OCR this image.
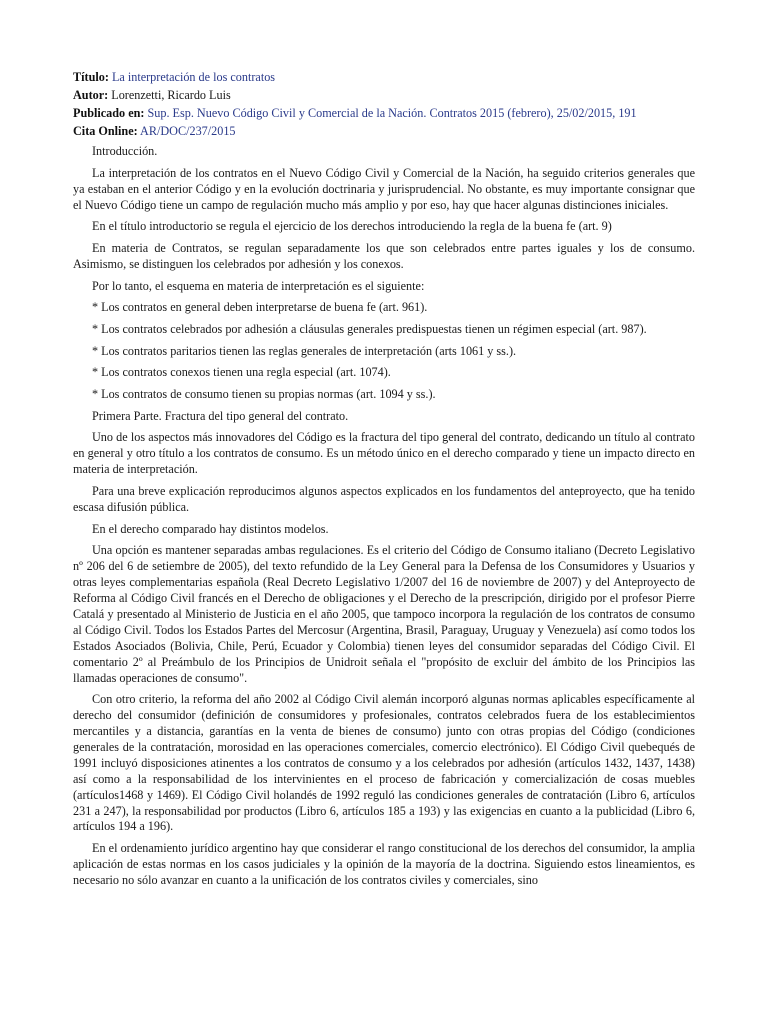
Título: La interpretación de los contratos

Autor: Lorenzetti, Ricardo Luis

Publicado en: Sup. Esp. Nuevo Código Civil y Comercial de la Nación. Contratos 2015 (febrero), 25/02/2015, 191

Cita Online: AR/DOC/237/2015

Introducción.

La interpretación de los contratos en el Nuevo Código Civil y Comercial de la Nación, ha seguido criterios generales que ya estaban en el anterior Código y en la evolución doctrinaria y jurisprudencial. No obstante, es muy importante consignar que el Nuevo Código tiene un campo de regulación mucho más amplio y por eso, hay que hacer algunas distinciones iniciales.

En el título introductorio se regula el ejercicio de los derechos introduciendo la regla de la buena fe (art. 9)

En materia de Contratos, se regulan separadamente los que son celebrados entre partes iguales y los de consumo. Asimismo, se distinguen los celebrados por adhesión y los conexos.

Por lo tanto, el esquema en materia de interpretación es el siguiente:

* Los contratos en general deben interpretarse de buena fe (art. 961).

* Los contratos celebrados por adhesión a cláusulas generales predispuestas tienen un régimen especial (art. 987).

* Los contratos paritarios tienen las reglas generales de interpretación (arts 1061 y ss.).

* Los contratos conexos tienen una regla especial (art. 1074).

* Los contratos de consumo tienen su propias normas (art. 1094 y ss.).

Primera Parte. Fractura del tipo general del contrato.

Uno de los aspectos más innovadores del Código es la fractura del tipo general del contrato, dedicando un título al contrato en general y otro título a los contratos de consumo. Es un método único en el derecho comparado y tiene un impacto directo en materia de interpretación.

Para una breve explicación reproducimos algunos aspectos explicados en los fundamentos del anteproyecto, que ha tenido escasa difusión pública.

En el derecho comparado hay distintos modelos.

Una opción es mantener separadas ambas regulaciones. Es el criterio del Código de Consumo italiano (Decreto Legislativo nº 206 del 6 de setiembre de 2005), del texto refundido de la Ley General para la Defensa de los Consumidores y Usuarios y otras leyes complementarias española (Real Decreto Legislativo 1/2007 del 16 de noviembre de 2007) y del Anteproyecto de Reforma al Código Civil francés en el Derecho de obligaciones y el Derecho de la prescripción, dirigido por el profesor Pierre Catalá y presentado al Ministerio de Justicia en el año 2005, que tampoco incorpora la regulación de los contratos de consumo al Código Civil. Todos los Estados Partes del Mercosur (Argentina, Brasil, Paraguay, Uruguay y Venezuela) así como todos los Estados Asociados (Bolivia, Chile, Perú, Ecuador y Colombia) tienen leyes del consumidor separadas del Código Civil. El comentario 2º al Preámbulo de los Principios de Unidroit señala el "propósito de excluir del ámbito de los Principios las llamadas operaciones de consumo".

Con otro criterio, la reforma del año 2002 al Código Civil alemán incorporó algunas normas aplicables específicamente al derecho del consumidor (definición de consumidores y profesionales, contratos celebrados fuera de los establecimientos mercantiles y a distancia, garantías en la venta de bienes de consumo) junto con otras propias del Código (condiciones generales de la contratación, morosidad en las operaciones comerciales, comercio electrónico). El Código Civil quebequés de 1991 incluyó disposiciones atinentes a los contratos de consumo y a los celebrados por adhesión (artículos 1432, 1437, 1438) así como a la responsabilidad de los intervinientes en el proceso de fabricación y comercialización de cosas muebles (artículos1468 y 1469). El Código Civil holandés de 1992 reguló las condiciones generales de contratación (Libro 6, artículos 231 a 247), la responsabilidad por productos (Libro 6, artículos 185 a 193) y las exigencias en cuanto a la publicidad (Libro 6, artículos 194 a 196).

En el ordenamiento jurídico argentino hay que considerar el rango constitucional de los derechos del consumidor, la amplia aplicación de estas normas en los casos judiciales y la opinión de la mayoría de la doctrina. Siguiendo estos lineamientos, es necesario no sólo avanzar en cuanto a la unificación de los contratos civiles y comerciales, sino
